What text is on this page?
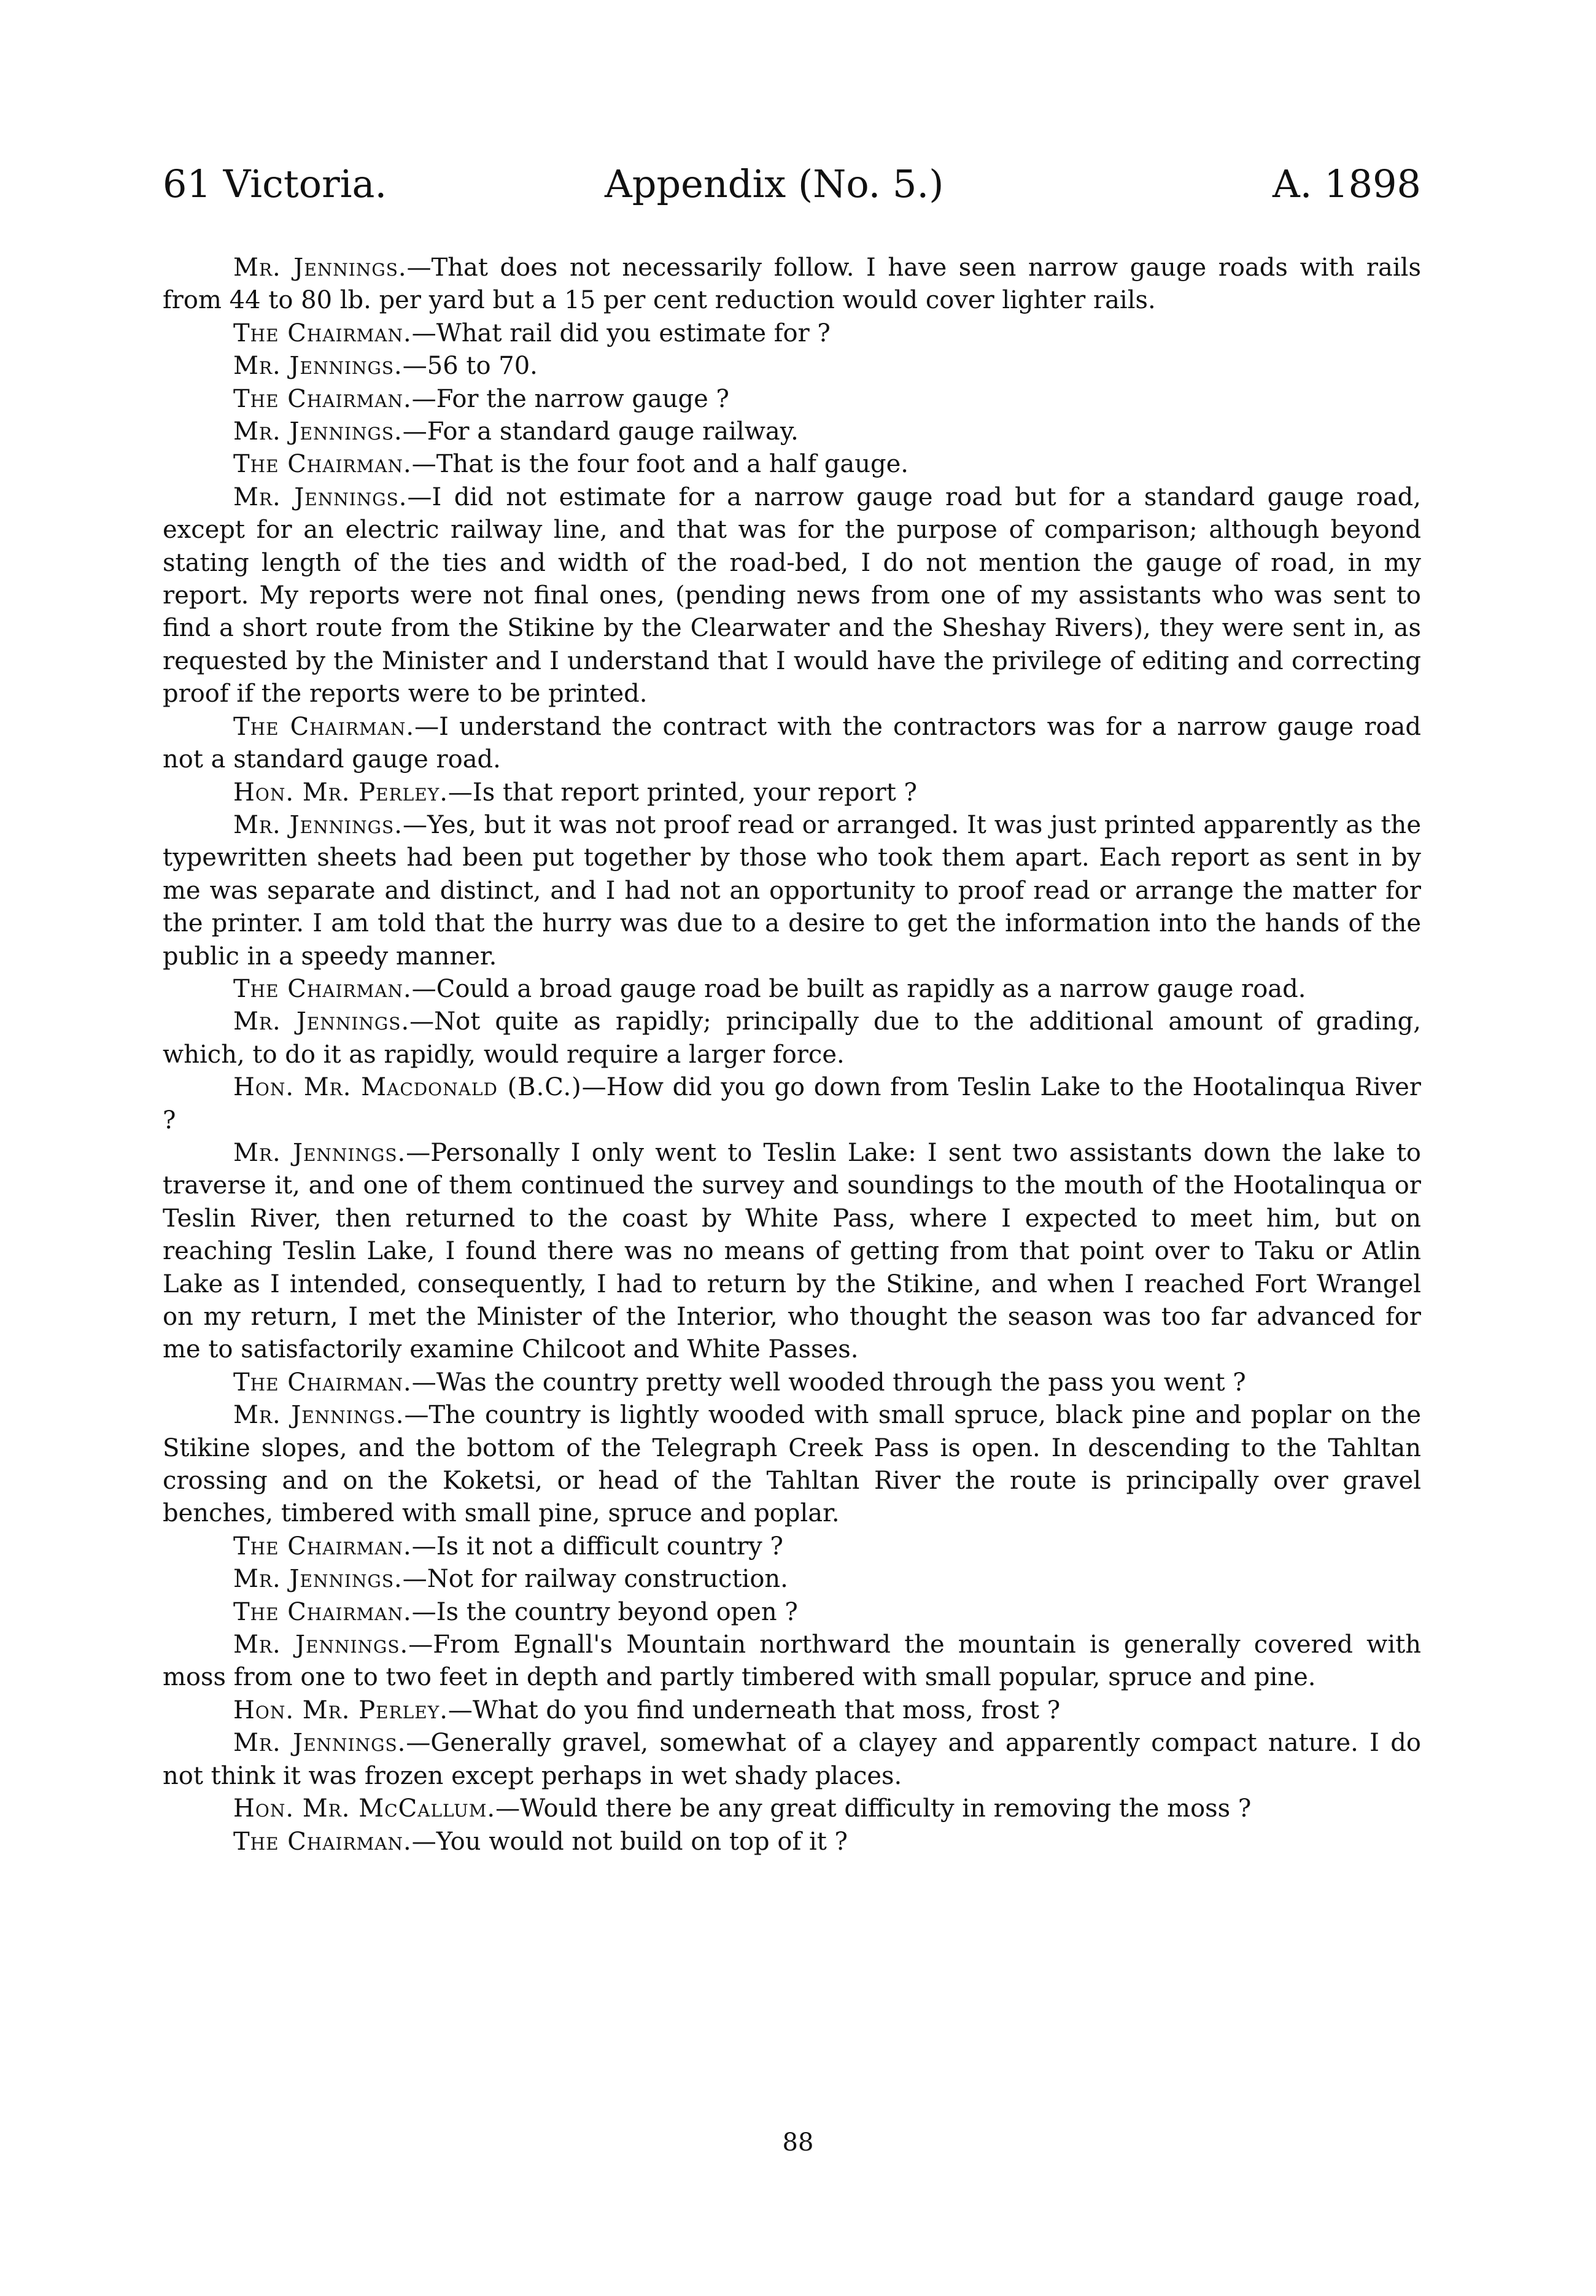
61 Victoria.	Appendix (No. 5.)	A. 1898

Mr. Jennings.—That does not necessarily follow. I have seen narrow gauge roads with rails from 44 to 80 lb. per yard but a 15 per cent reduction would cover lighter rails.

The Chairman.—What rail did you estimate for ?

Mr. Jennings.—56 to 70.

The Chairman.—For the narrow gauge ?

Mr. Jennings.—For a standard gauge railway.

The Chairman.—That is the four foot and a half gauge.

Mr. Jennings.—I did not estimate for a narrow gauge road but for a standard gauge road, except for an electric railway line, and that was for the purpose of comparison; although beyond stating length of the ties and width of the road-bed, I do not mention the gauge of road, in my report. My reports were not final ones, (pending news from one of my assistants who was sent to find a short route from the Stikine by the Clearwater and the Sheshay Rivers), they were sent in, as requested by the Minister and I understand that I would have the privilege of editing and correcting proof if the reports were to be printed.

The Chairman.—I understand the contract with the contractors was for a narrow gauge road not a standard gauge road.

Hon. Mr. Perley.—Is that report printed, your report ?

Mr. Jennings.—Yes, but it was not proof read or arranged. It was just printed apparently as the typewritten sheets had been put together by those who took them apart. Each report as sent in by me was separate and distinct, and I had not an opportunity to proof read or arrange the matter for the printer. I am told that the hurry was due to a desire to get the information into the hands of the public in a speedy manner.

The Chairman.—Could a broad gauge road be built as rapidly as a narrow gauge road.

Mr. Jennings.—Not quite as rapidly; principally due to the additional amount of grading, which, to do it as rapidly, would require a larger force.

Hon. Mr. Macdonald (B.C.)—How did you go down from Teslin Lake to the Hootalinqua River ?

Mr. Jennings.—Personally I only went to Teslin Lake: I sent two assistants down the lake to traverse it, and one of them continued the survey and soundings to the mouth of the Hootalinqua or Teslin River, then returned to the coast by White Pass, where I expected to meet him, but on reaching Teslin Lake, I found there was no means of getting from that point over to Taku or Atlin Lake as I intended, consequently, I had to return by the Stikine, and when I reached Fort Wrangel on my return, I met the Minister of the Interior, who thought the season was too far advanced for me to satisfactorily examine Chilcoot and White Passes.

The Chairman.—Was the country pretty well wooded through the pass you went ?

Mr. Jennings.—The country is lightly wooded with small spruce, black pine and poplar on the Stikine slopes, and the bottom of the Telegraph Creek Pass is open. In descending to the Tahltan crossing and on the Koketsi, or head of the Tahltan River the route is principally over gravel benches, timbered with small pine, spruce and poplar.

The Chairman.—Is it not a difficult country ?

Mr. Jennings.—Not for railway construction.

The Chairman.—Is the country beyond open ?

Mr. Jennings.—From Egnall's Mountain northward the mountain is generally covered with moss from one to two feet in depth and partly timbered with small popular, spruce and pine.

Hon. Mr. Perley.—What do you find underneath that moss, frost ?

Mr. Jennings.—Generally gravel, somewhat of a clayey and apparently compact nature. I do not think it was frozen except perhaps in wet shady places.

Hon. Mr. McCallum.—Would there be any great difficulty in removing the moss ?

The Chairman.—You would not build on top of it ?

88
